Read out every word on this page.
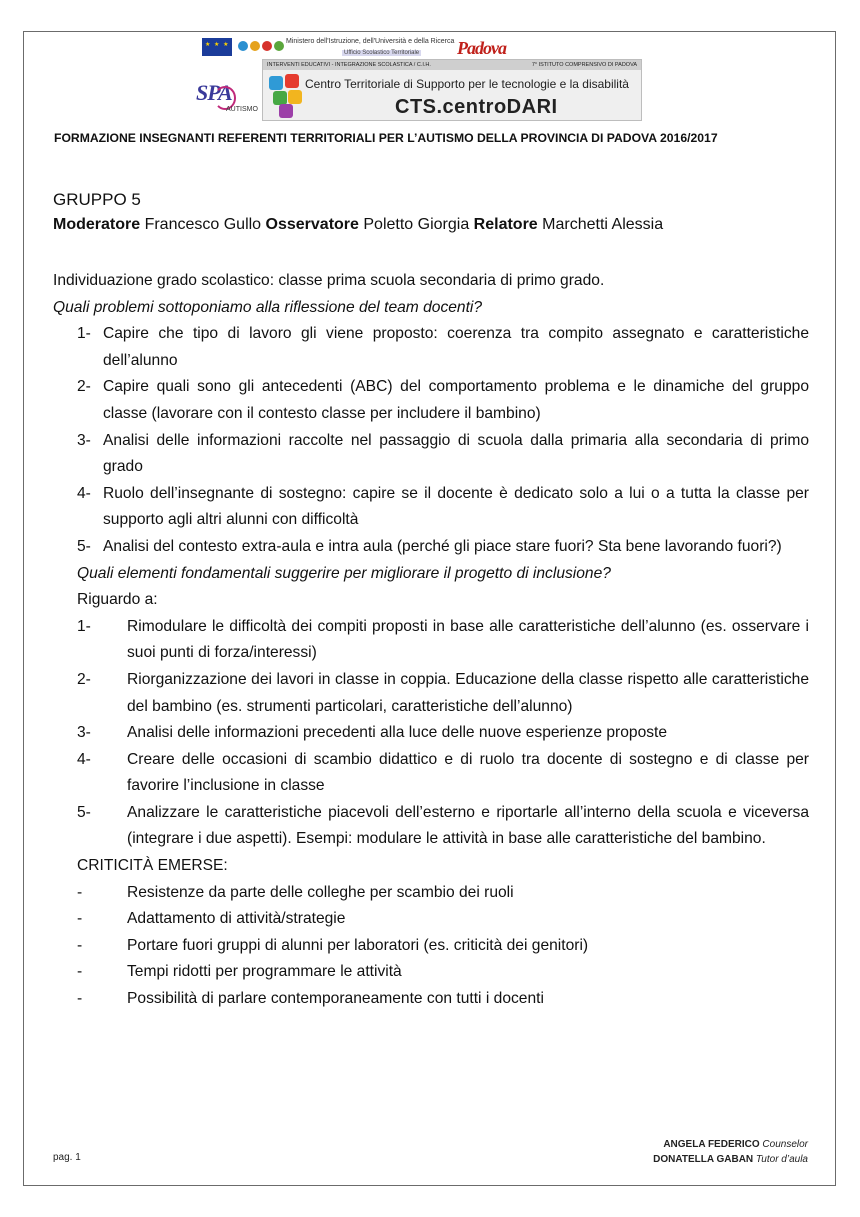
SPA
AUTISMO
★ ★ ★
Ministero dell'Istruzione, dell'Università e della Ricerca
Ufficio Scolastico Territoriale Padova
INTERVENTI EDUCATIVI - INTEGRAZIONE SCOLASTICA / C.I.H.	7° ISTITUTO COMPRENSIVO DI PADOVA
Centro Territoriale di Supporto per le tecnologie e la disabilità
CTS.centroDARI
FORMAZIONE INSEGNANTI REFERENTI TERRITORIALI PER L’AUTISMO DELLA PROVINCIA DI PADOVA 2016/2017
GRUPPO 5
Moderatore Francesco Gullo Osservatore Poletto Giorgia Relatore Marchetti Alessia

Individuazione grado scolastico: classe prima scuola secondaria di primo grado.

Quali problemi sottoponiamo alla riflessione del team docenti?

1- Capire che tipo di lavoro gli viene proposto: coerenza tra compito assegnato e caratteristiche dell’alunno
2- Capire quali sono gli antecedenti (ABC) del comportamento problema e le dinamiche del gruppo classe (lavorare con il contesto classe per includere il bambino)
3- Analisi delle informazioni raccolte nel passaggio di scuola dalla primaria alla secondaria di primo grado
4- Ruolo dell’insegnante di sostegno: capire se il docente è dedicato solo a lui o a tutta la classe per supporto agli altri alunni con difficoltà
5- Analisi del contesto extra-aula e intra aula (perché gli piace stare fuori? Sta bene lavorando fuori?)

Quali elementi fondamentali suggerire per migliorare il progetto di inclusione?

Riguardo a:

1- Rimodulare le difficoltà dei compiti proposti in base alle caratteristiche dell’alunno (es. osservare i suoi punti di forza/interessi)
2- Riorganizzazione dei lavori in classe in coppia. Educazione della classe rispetto alle caratteristiche del bambino (es. strumenti particolari, caratteristiche dell’alunno)
3- Analisi delle informazioni precedenti alla luce delle nuove esperienze proposte
4- Creare delle occasioni di scambio didattico e di ruolo tra docente di sostegno e di classe per favorire l’inclusione in classe
5- Analizzare le caratteristiche piacevoli dell’esterno e riportarle all’interno della scuola e viceversa (integrare i due aspetti). Esempi: modulare le attività in base alle caratteristiche del bambino.

CRITICITÀ EMERSE:

-	Resistenze da parte delle colleghe per scambio dei ruoli
-	Adattamento di attività/strategie
-	Portare fuori gruppi di alunni per laboratori (es. criticità dei genitori)
-	Tempi ridotti per programmare le attività
-	Possibilità di parlare contemporaneamente con tutti i docenti
pag. 1
ANGELA FEDERICO Counselor
DONATELLA GABAN Tutor d’aula
